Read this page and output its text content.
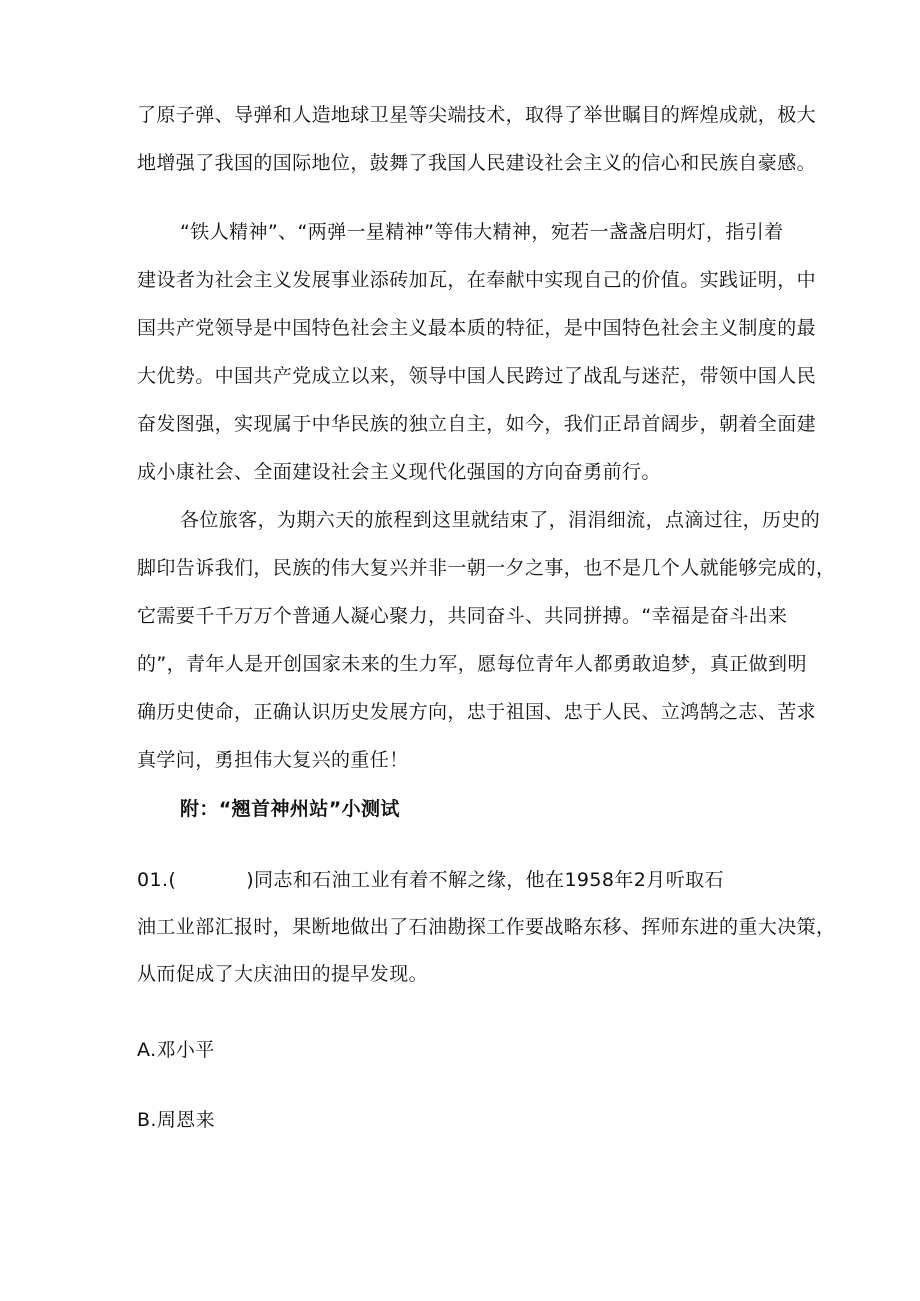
了原子弹、导弹和人造地球卫星等尖端技术，取得了举世瞩目的辉煌成就，极大
地增强了我国的国际地位，鼓舞了我国人民建设社会主义的信心和民族自豪感。
“铁人精神”、“两弹一星精神”等伟大精神，宛若一盏盏启明灯，指引着
建设者为社会主义发展事业添砖加瓦，在奉献中实现自己的价值。实践证明，中
国共产党领导是中国特色社会主义最本质的特征，是中国特色社会主义制度的最
大优势。中国共产党成立以来，领导中国人民跨过了战乱与迷茫，带领中国人民
奋发图强，实现属于中华民族的独立自主，如今，我们正昂首阔步，朝着全面建
成小康社会、全面建设社会主义现代化强国的方向奋勇前行。
各位旅客，为期六天的旅程到这里就结束了，涓涓细流，点滴过往，历史的
脚印告诉我们，民族的伟大复兴并非一朝一夕之事，也不是几个人就能够完成的，
它需要千千万万个普通人凝心聚力，共同奋斗、共同拼搏。“幸福是奋斗出来
的”，青年人是开创国家未来的生力军，愿每位青年人都勇敢追梦，真正做到明
确历史使命，正确认识历史发展方向，忠于祖国、忠于人民、立鸿鹄之志、苦求
真学问，勇担伟大复兴的重任！
附：“翘首神州站”小测试
01.(	)同志和石油工业有着不解之缘，他在1958年2月听取石
油工业部汇报时，果断地做出了石油勘探工作要战略东移、挥师东进的重大决策，
从而促成了大庆油田的提早发现。
A.邓小平
B.周恩来
